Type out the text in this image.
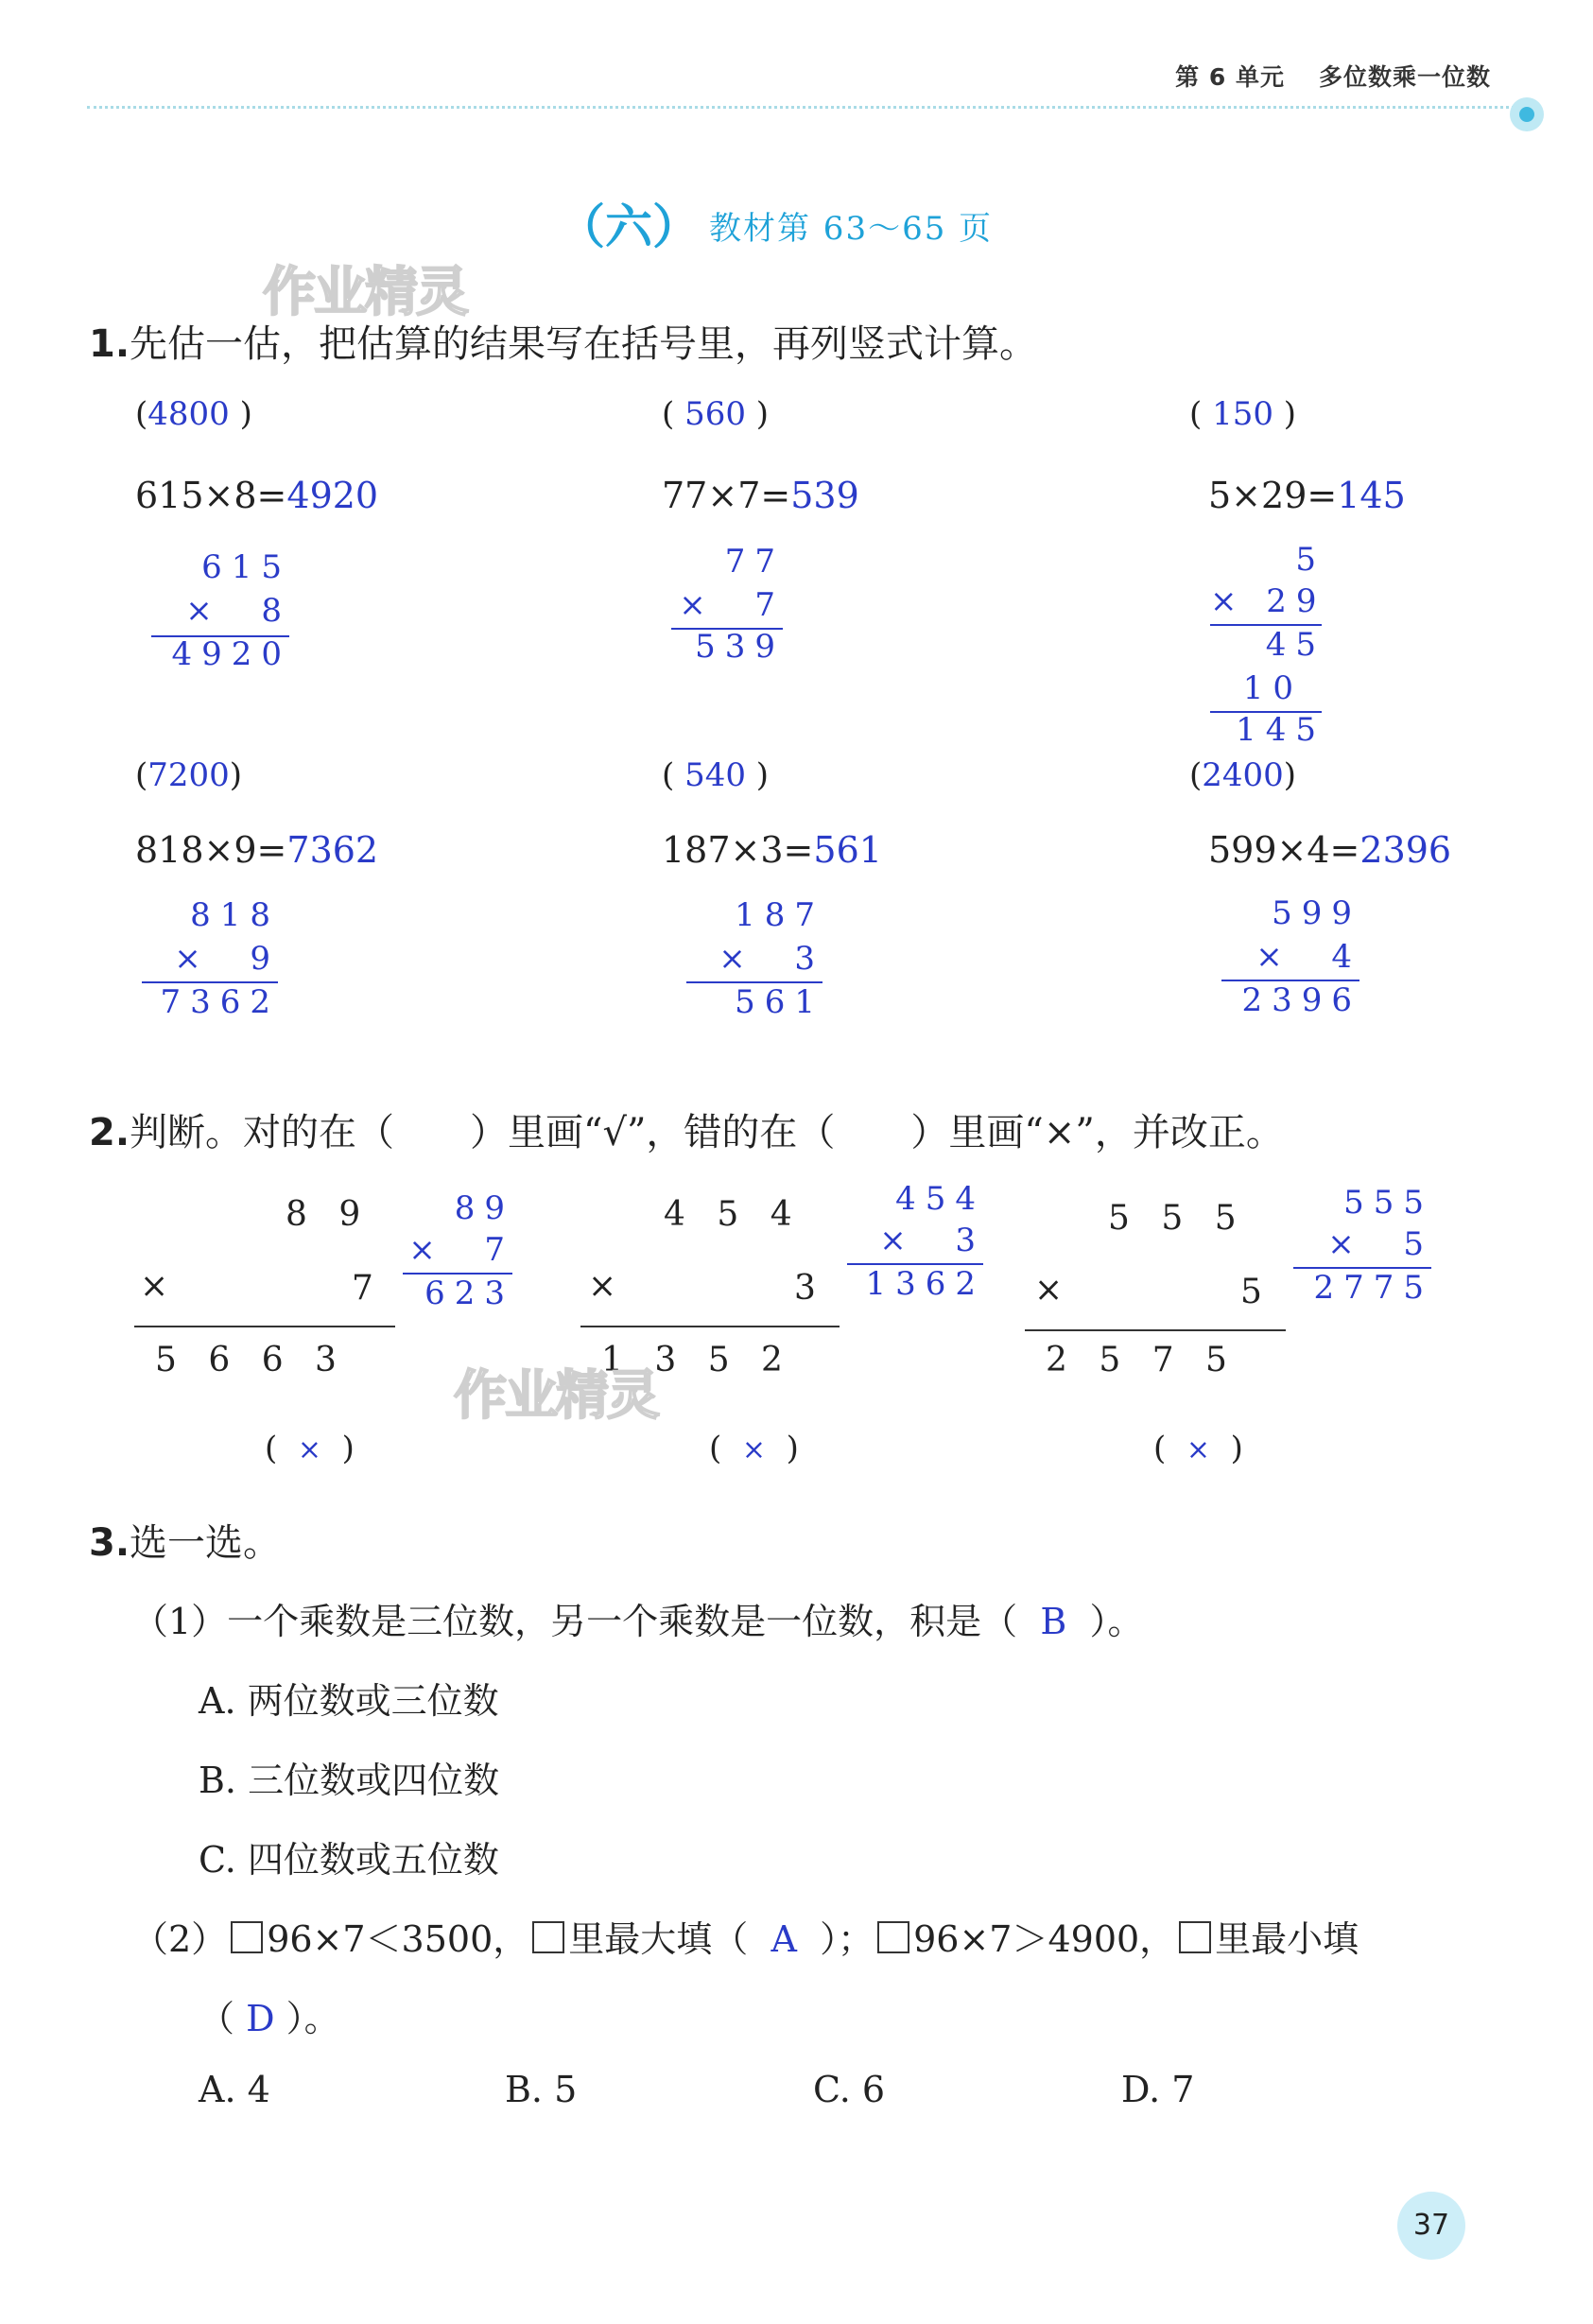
第 6 单元 多位数乘一位数
（六） 教材第 63～65 页
作业精灵
1.先估一估，把估算的结果写在括号里，再列竖式计算。
(4800 )
615×8=4920
615
×  8
4920
( 560 )
77×7=539
77
×  7
539
( 150 )
5×29=145
5
× 29
45
10
145
(7200)
818×9=7362
818
×  9
7362
( 540 )
187×3=561
187
×  3
561
(2400)
599×4=2396
599
×  4
2396
2.判断。对的在（　　）里画“√”，错的在（　　）里画“×”，并改正。
8 9
×	7
5 6 6 3
89
×  7
623
(  ×  )
4 5 4
×	3
1 3 5 2
454
×  3
1362
(  ×  )
5 5 5
×	5
2 5 7 5
555
×  5
2775
(  ×  )
作业精灵
3.选一选。
（1）一个乘数是三位数，另一个乘数是一位数，积是（ B ）。
A. 两位数或三位数
B. 三位数或四位数
C. 四位数或五位数
（2） 96×7＜3500， 里最大填（ A ）； 96×7＞4900， 里最小填
（ D ）。
A. 4	B. 5	C. 6	D. 7
37
